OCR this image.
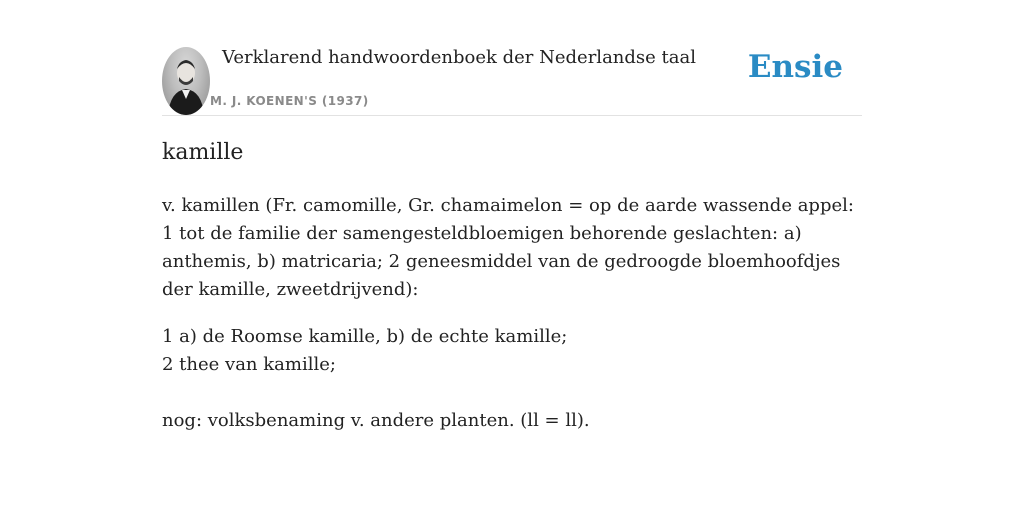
Verklarend handwoordenboek der Nederlandse taal
M. J. KOENEN'S (1937)
Ensie
kamille

v. kamillen (Fr. camomille, Gr. chamaimelon = op de aarde wassende appel: 1 tot de familie der samengesteldbloemigen behorende geslachten: a) anthemis, b) matricaria; 2 geneesmiddel van de gedroogde bloemhoofdjes der kamille, zweetdrijvend):

1 a) de Roomse kamille, b) de echte kamille;

2 thee van kamille;

nog: volksbenaming v. andere planten. (ll = ll).
